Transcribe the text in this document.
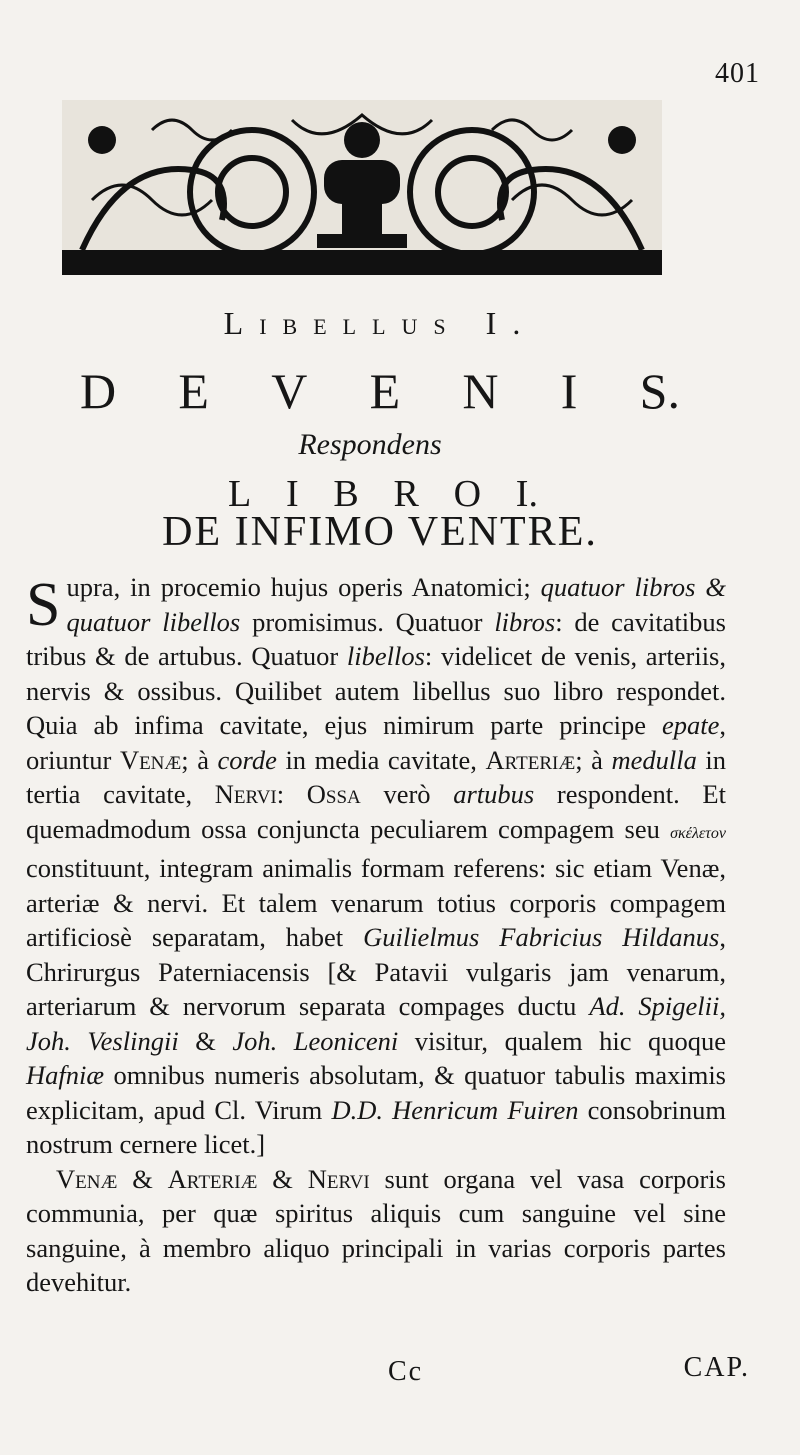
401
Libellus I.
D E V E N I S.
Respondens
L I B R O I.
DE INFIMO VENTRE.

Supra, in procemio hujus operis Anatomici; quatuor libros & quatuor libellos promisimus. Quatuor libros: de cavitatibus tribus & de artubus. Quatuor libellos: videlicet de venis, arteriis, nervis & ossibus. Quilibet autem libellus suo libro respondet. Quia ab infima cavitate, ejus nimirum parte principe epate, oriuntur Venæ; à corde in media cavitate, Arteriæ; à medulla in tertia cavitate, Nervi: Ossa verò artubus respondent. Et quemadmodum ossa conjuncta peculiarem compagem seu σκέλετον constituunt, integram animalis formam referens: sic etiam Venæ, arteriæ & nervi. Et talem venarum totius corporis compagem artificiosè separatam, habet Guilielmus Fabricius Hildanus, Chrirurgus Paterniacensis [& Patavii vulgaris jam venarum, arteriarum & nervorum separata compages ductu Ad. Spigelii, Joh. Veslingii & Joh. Leoniceni visitur, qualem hic quoque Hafniæ omnibus numeris absolutam, & quatuor tabulis maximis explicitam, apud Cl. Virum D.D. Henricum Fuiren consobrinum nostrum cernere licet.]

Venæ & Arteriæ & Nervi sunt organa vel vasa corporis communia, per quæ spiritus aliquis cum sanguine vel sine sanguine, à membro aliquo principali in varias corporis partes devehitur.

Cc	CAP.
